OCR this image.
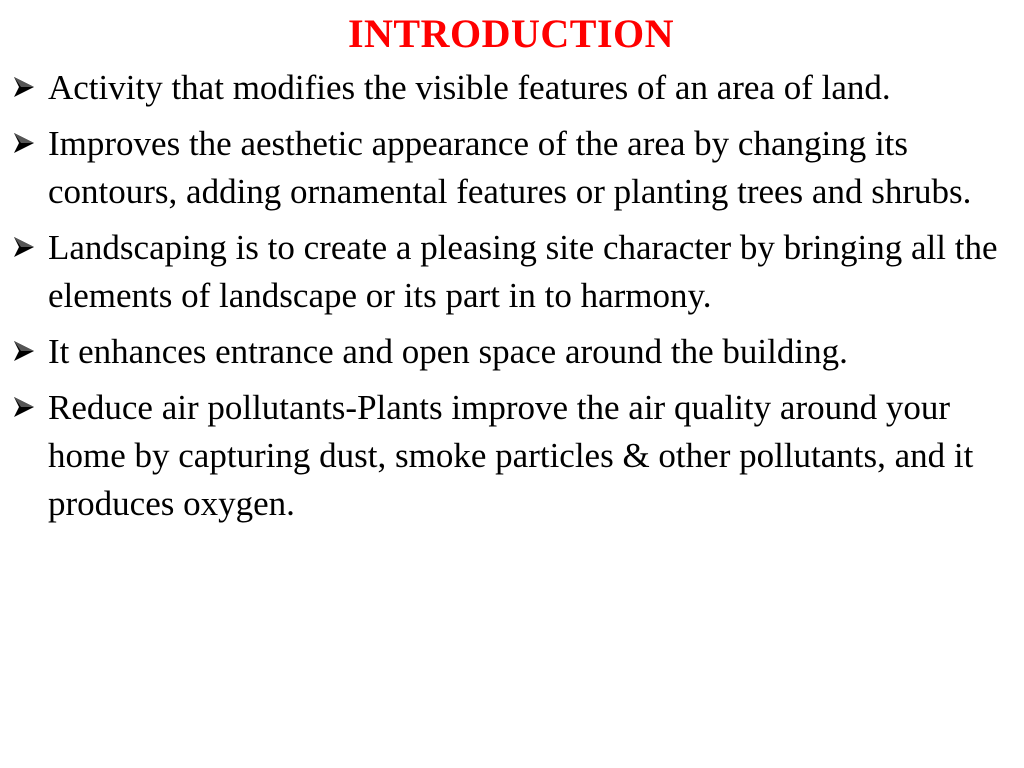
INTRODUCTION

Activity that modifies the visible features of an area of land.

Improves the aesthetic appearance of the area by changing its contours, adding ornamental features or planting trees and shrubs.

Landscaping is to create a pleasing site character by bringing all the elements of landscape or its part in to harmony.

It enhances entrance and open space around the building.

Reduce air pollutants-Plants improve the air quality around your home by capturing dust, smoke particles & other pollutants, and it produces oxygen.
